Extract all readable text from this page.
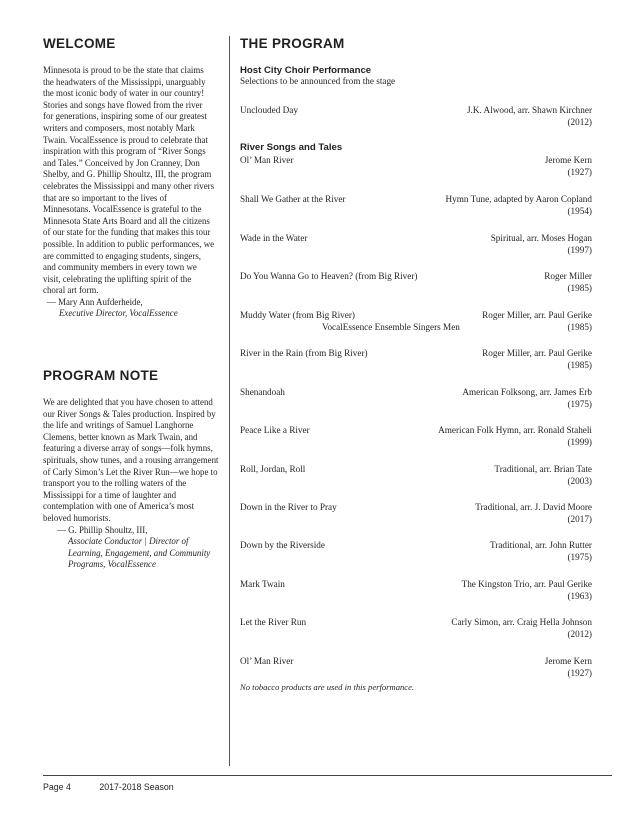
WELCOME

Minnesota is proud to be the state that claims the headwaters of the Mississippi, unarguably the most iconic body of water in our country! Stories and songs have flowed from the river for generations, inspiring some of our greatest writers and composers, most notably Mark Twain. VocalEssence is proud to celebrate that inspiration with this program of “River Songs and Tales.” Conceived by Jon Cranney, Don Shelby, and G. Phillip Shoultz, III, the program celebrates the Mississippi and many other rivers that are so important to the lives of Minnesotans. VocalEssence is grateful to the Minnesota State Arts Board and all the citizens of our state for the funding that makes this tour possible. In addition to public performances, we are committed to engaging students, singers, and community members in every town we visit, celebrating the uplifting spirit of the choral art form.

— Mary Ann Aufderheide,
Executive Director, VocalEssence
PROGRAM NOTE

We are delighted that you have chosen to attend our River Songs & Tales production. Inspired by the life and writings of Samuel Langhorne Clemens, better known as Mark Twain, and featuring a diverse array of songs—folk hymns, spirituals, show tunes, and a rousing arrangement of Carly Simon’s Let the River Run—we hope to transport you to the rolling waters of the Mississippi for a time of laughter and contemplation with one of America’s most beloved humorists.

— G. Phillip Shoultz, III,
Associate Conductor | Director of Learning, Engagement, and Community Programs, VocalEssence
THE PROGRAM

Host City Choir Performance

Selections to be announced from the stage

Unclouded Day	J.K. Alwood, arr. Shawn Kirchner
(2012)

River Songs and Tales

Ol’ Man River	Jerome Kern
(1927)
Shall We Gather at the River	Hymn Tune, adapted by Aaron Copland
(1954)
Wade in the Water	Spiritual, arr. Moses Hogan
(1997)
Do You Wanna Go to Heaven? (from Big River)	Roger Miller
(1985)
Muddy Water (from Big River)	Roger Miller, arr. Paul Gerike
VocalEssence Ensemble Singers Men	(1985)
River in the Rain (from Big River)	Roger Miller, arr. Paul Gerike
(1985)
Shenandoah	American Folksong, arr. James Erb
(1975)
Peace Like a River	American Folk Hymn, arr. Ronald Staheli
(1999)
Roll, Jordan, Roll	Traditional, arr. Brian Tate
(2003)
Down in the River to Pray	Traditional, arr. J. David Moore
(2017)
Down by the Riverside	Traditional, arr. John Rutter
(1975)
Mark Twain	The Kingston Trio, arr. Paul Gerike
(1963)
Let the River Run	Carly Simon, arr. Craig Hella Johnson
(2012)
Ol’ Man River	Jerome Kern
(1927)
No tobacco products are used in this performance.
Page 4	2017-2018 Season
